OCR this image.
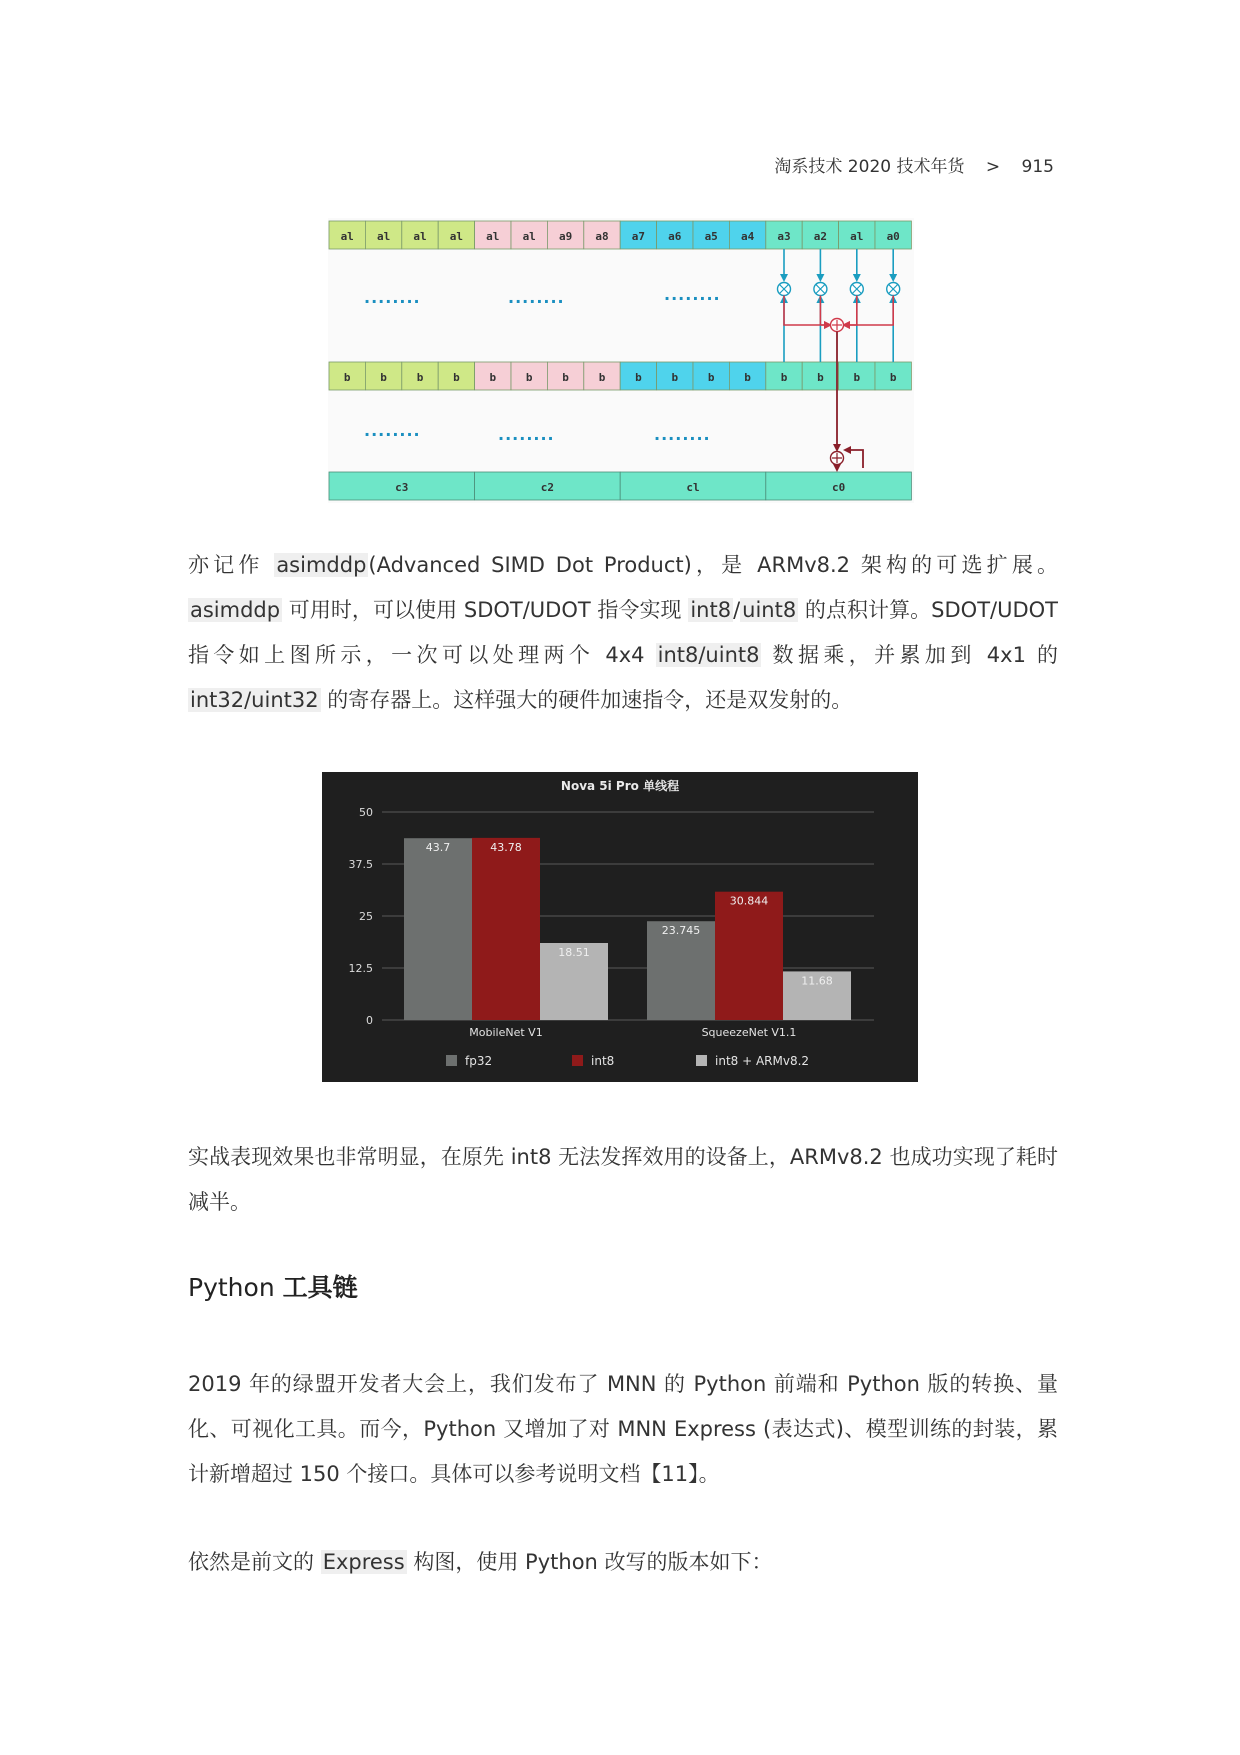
淘系技术 2020 技术年货 > 915
al al al al al al a9 a8 a7 a6 a5 a4 a3 a2 al a0
b	b	b	b	b	b	b	b	b	b	b	b	b	b	b	b
c3	c2	cl	c0
........	........	........
........	........	........

亦记作 asimddp(Advanced SIMD Dot Product)，是 ARMv8.2 架构的可选扩展。asimddp 可用时，可以使用 SDOT/UDOT 指令实现 int8/uint8 的点积计算。SDOT/UDOT 指令如上图所示，一次可以处理两个 4x4 int8/uint8 数据乘，并累加到 4x1 的 int32/uint32 的寄存器上。这样强大的硬件加速指令，还是双发射的。

Nova 5i Pro 单线程
0
12.5
25
37.5
50
43.7	43.78
18.51
MobileNet V1
23.745
30.844
11.68
SqueezeNet V1.1
fp32	int8	int8 + ARMv8.2

实战表现效果也非常明显，在原先 int8 无法发挥效用的设备上，ARMv8.2 也成功实现了耗时减半。

Python 工具链

2019 年的绿盟开发者大会上，我们发布了 MNN 的 Python 前端和 Python 版的转换、量化、可视化工具。而今，Python 又增加了对 MNN Express (表达式)、模型训练的封装，累计新增超过 150 个接口。具体可以参考说明文档【11】。

依然是前文的 Express 构图，使用 Python 改写的版本如下：
